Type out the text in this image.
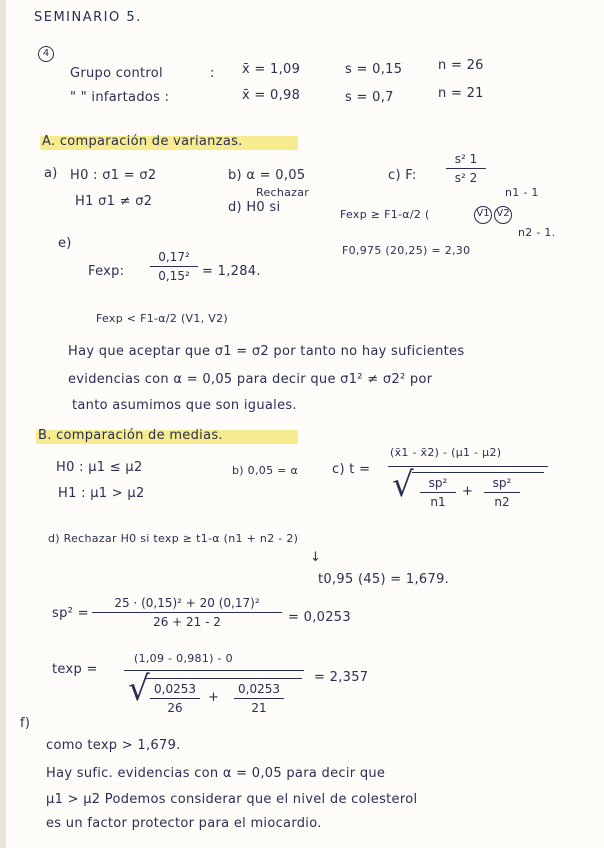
SEMINARIO 5.
4
Grupo control	: x̄ = 1,09	s = 0,15	n = 26
" " infartados :	x̄ = 0,98	s = 0,7	n = 21
A. comparación de varianzas.
a) H0 : σ1 = σ2
H1 σ1 ≠ σ2
b) α = 0,05
Rechazar
d) H0 si
c) F:
s² 1
s² 2
Fexp ≥ F1-α/2 (	V1 V2
n1 - 1
n2 - 1.
e)	F0,975 (20,25) = 2,30
Fexp:
0,17²
0,15² = 1,284.
Fexp < F1-α/2 (V1, V2)
Hay que aceptar que σ1 = σ2 por tanto no hay suficientes
evidencias con α = 0,05 para decir que σ1² ≠ σ2² por
tanto asumimos que son iguales.
B. comparación de medias.
H0 : μ1 ≤ μ2
H1 : μ1 > μ2
b) 0,05 = α	c) t =
(x̄1 - x̄2) - (μ1 - μ2)
√ sp²
n1
+
sp²
n2
d) Rechazar H0 si texp ≥ t1-α (n1 + n2 - 2)
↓
t0,95 (45) = 1,679.
sp² =
25 · (0,15)² + 20 (0,17)²
26 + 21 - 2	= 0,0253
texp =
(1,09 - 0,981) - 0
√ 0,0253
26
+
0,0253
21
= 2,357
f)
como texp > 1,679.
Hay sufic. evidencias con α = 0,05 para decir que
μ1 > μ2 Podemos considerar que el nivel de colesterol
es un factor protector para el miocardio.
